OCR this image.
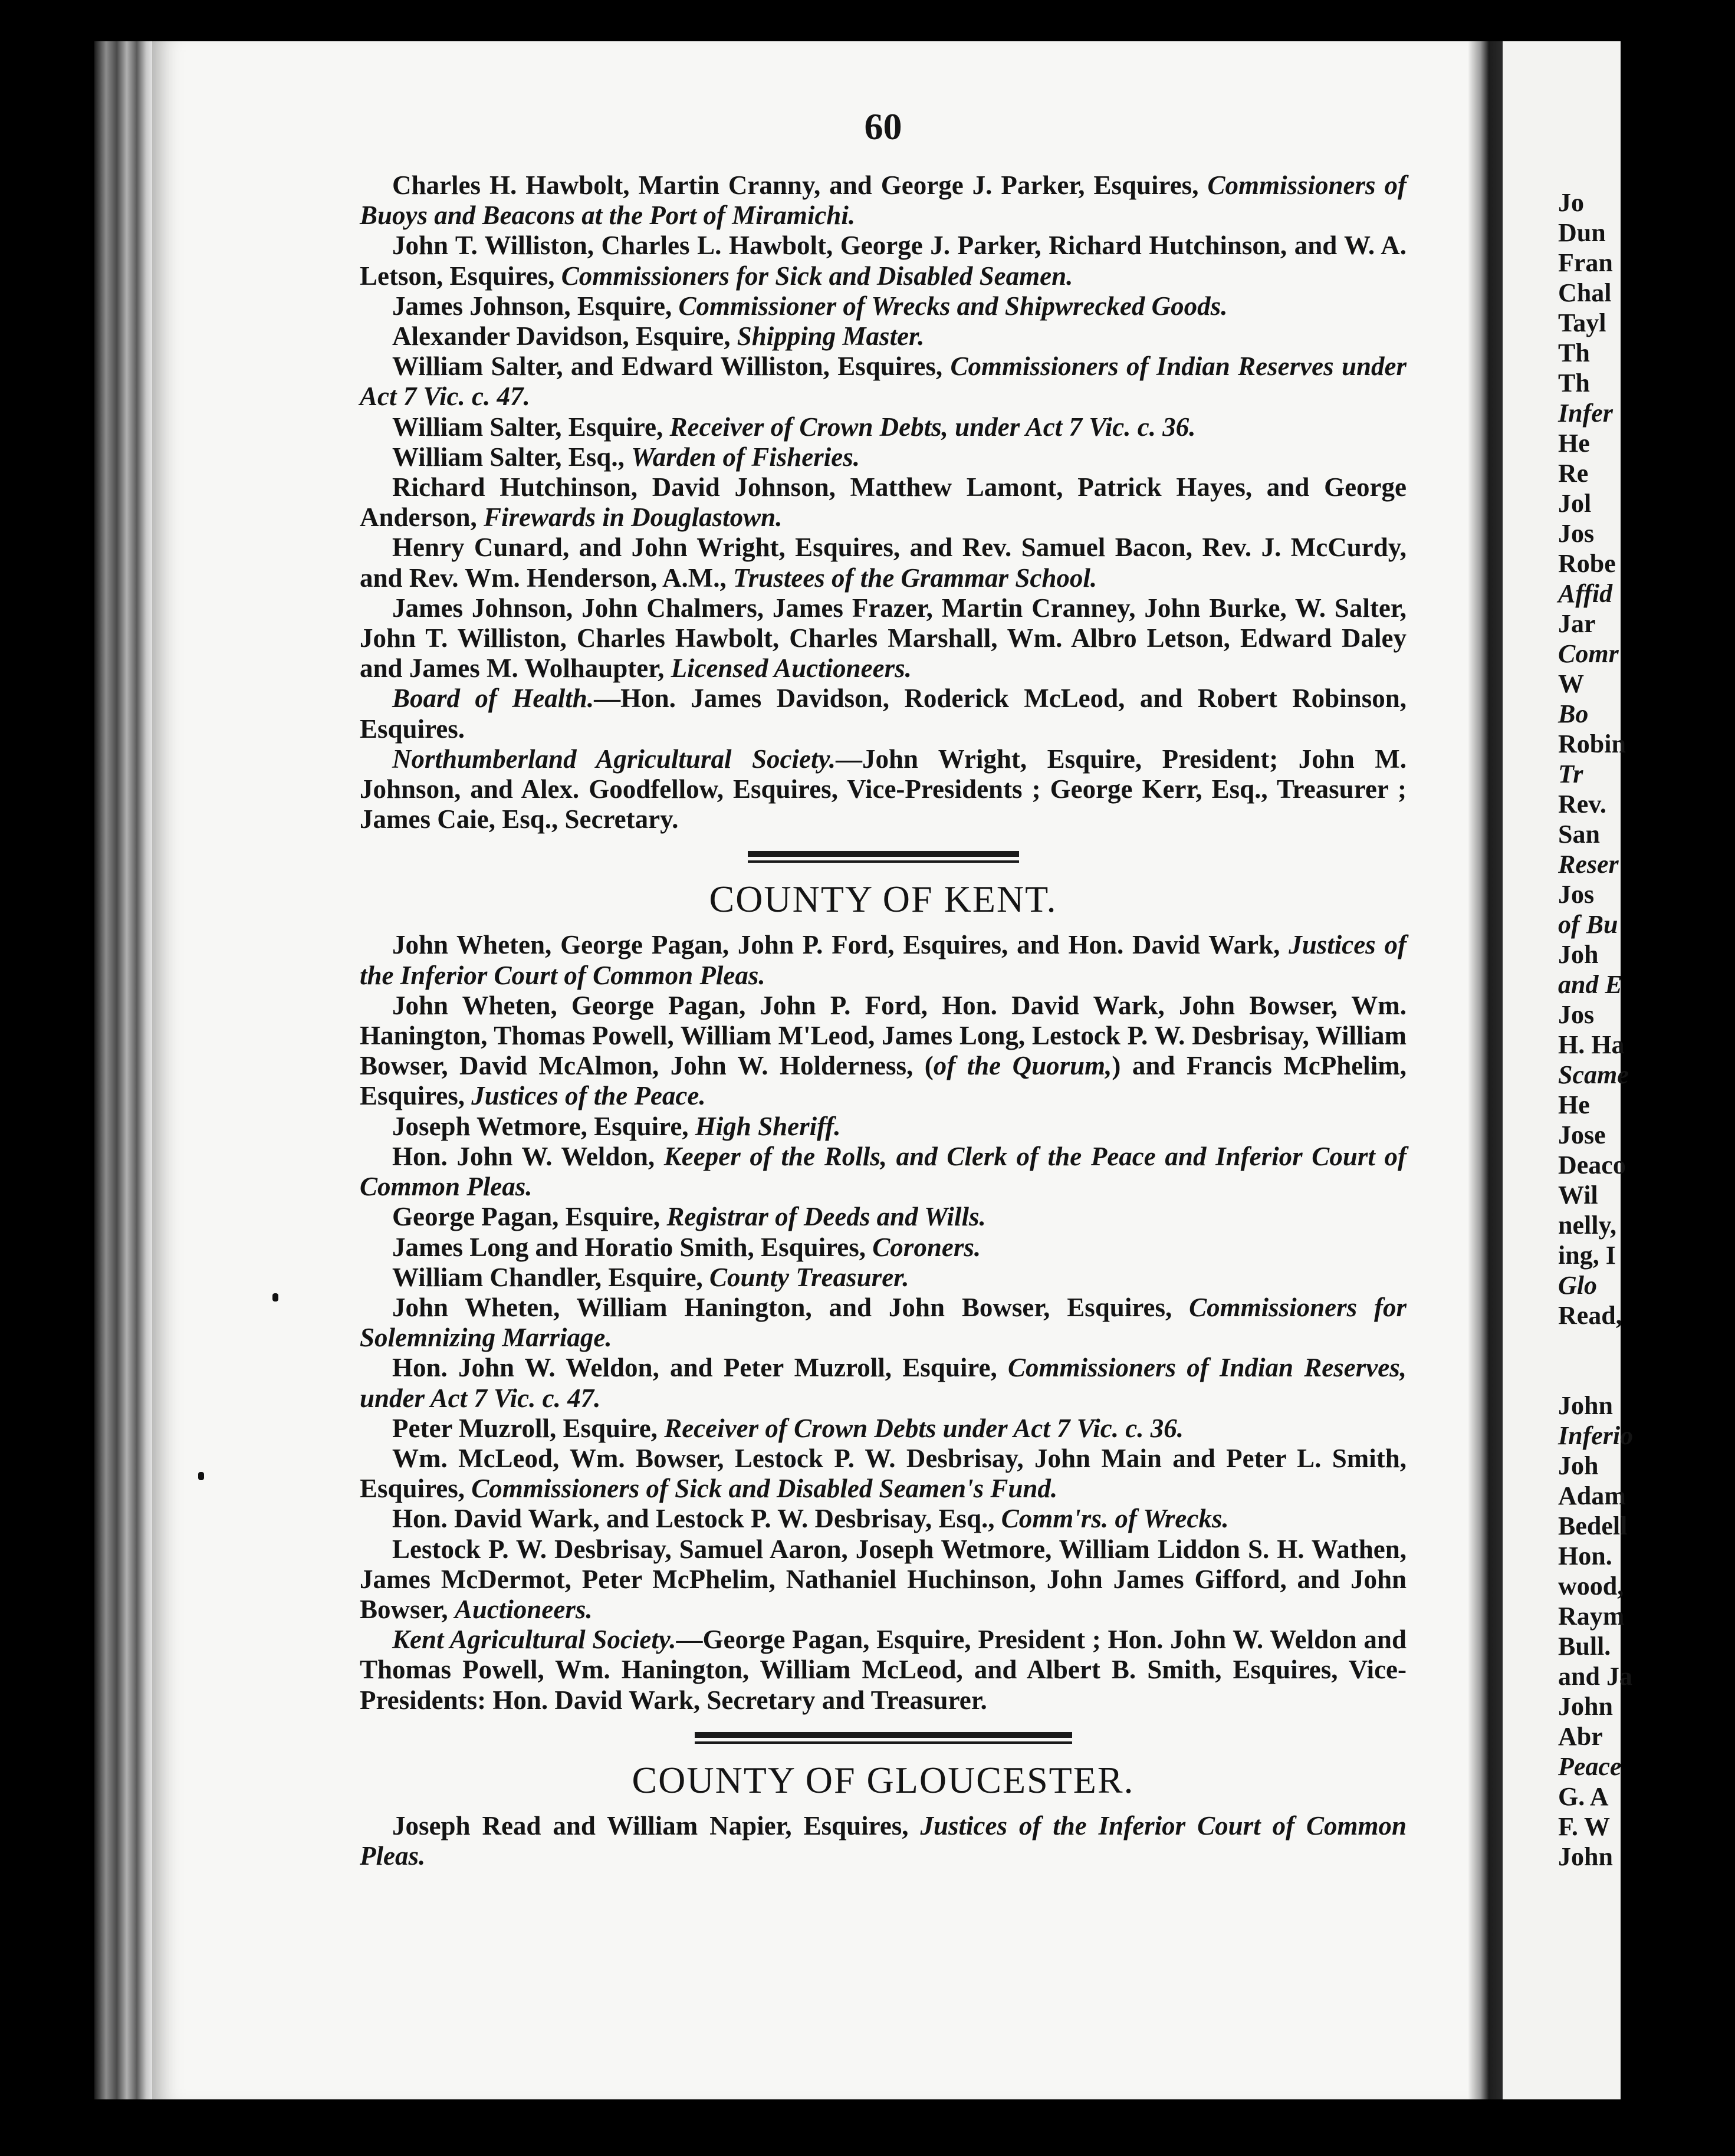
Jo
Dun
Fran
Chal
Tayl
Th
Th
Infer
He
Re
Jol
Jos
Robe
Affid
Jar
Comr
W
Bo
Robin
Tr
Rev.
San
Reser
Jos
of Bu
Joh
and E
Jos
H. Ha
Scame
He
Jose
Deaco
Wil
nelly,
ing, I
Glo
Read,
John
Inferio
Joh
Adam
Bedell
Hon.
wood,
Raym
Bull.
and Ja
John
Abr
Peace
G. A
F. W
John
60

Charles H. Hawbolt, Martin Cranny, and George J. Parker, Esquires, Commissioners of Buoys and Beacons at the Port of Miramichi.

John T. Williston, Charles L. Hawbolt, George J. Parker, Richard Hutchinson, and W. A. Letson, Esquires, Commissioners for Sick and Disabled Seamen.

James Johnson, Esquire, Commissioner of Wrecks and Shipwrecked Goods.

Alexander Davidson, Esquire, Shipping Master.

William Salter, and Edward Williston, Esquires, Commissioners of Indian Reserves under Act 7 Vic. c. 47.

William Salter, Esquire, Receiver of Crown Debts, under Act 7 Vic. c. 36.

William Salter, Esq., Warden of Fisheries.

Richard Hutchinson, David Johnson, Matthew Lamont, Patrick Hayes, and George Anderson, Firewards in Douglastown.

Henry Cunard, and John Wright, Esquires, and Rev. Samuel Bacon, Rev. J. McCurdy, and Rev. Wm. Henderson, A.M., Trustees of the Grammar School.

James Johnson, John Chalmers, James Frazer, Martin Cranney, John Burke, W. Salter, John T. Williston, Charles Hawbolt, Charles Marshall, Wm. Albro Letson, Edward Daley and James M. Wolhaupter, Licensed Auctioneers.

Board of Health.—Hon. James Davidson, Roderick McLeod, and Robert Robinson, Esquires.

Northumberland Agricultural Society.—John Wright, Esquire, President; John M. Johnson, and Alex. Goodfellow, Esquires, Vice-Presidents ; George Kerr, Esq., Treasurer ; James Caie, Esq., Secretary.

COUNTY OF KENT.

John Wheten, George Pagan, John P. Ford, Esquires, and Hon. David Wark, Justices of the Inferior Court of Common Pleas.

John Wheten, George Pagan, John P. Ford, Hon. David Wark, John Bowser, Wm. Hanington, Thomas Powell, William M'Leod, James Long, Lestock P. W. Desbrisay, William Bowser, David McAlmon, John W. Holderness, (of the Quorum,) and Francis McPhelim, Esquires, Justices of the Peace.

Joseph Wetmore, Esquire, High Sheriff.

Hon. John W. Weldon, Keeper of the Rolls, and Clerk of the Peace and Inferior Court of Common Pleas.

George Pagan, Esquire, Registrar of Deeds and Wills.

James Long and Horatio Smith, Esquires, Coroners.

William Chandler, Esquire, County Treasurer.

John Wheten, William Hanington, and John Bowser, Esquires, Commissioners for Solemnizing Marriage.

Hon. John W. Weldon, and Peter Muzroll, Esquire, Commissioners of Indian Reserves, under Act 7 Vic. c. 47.

Peter Muzroll, Esquire, Receiver of Crown Debts under Act 7 Vic. c. 36.

Wm. McLeod, Wm. Bowser, Lestock P. W. Desbrisay, John Main and Peter L. Smith, Esquires, Commissioners of Sick and Disabled Seamen's Fund.

Hon. David Wark, and Lestock P. W. Desbrisay, Esq., Comm'rs. of Wrecks.

Lestock P. W. Desbrisay, Samuel Aaron, Joseph Wetmore, William Liddon S. H. Wathen, James McDermot, Peter McPhelim, Nathaniel Huchinson, John James Gifford, and John Bowser, Auctioneers.

Kent Agricultural Society.—George Pagan, Esquire, President ; Hon. John W. Weldon and Thomas Powell, Wm. Hanington, William McLeod, and Albert B. Smith, Esquires, Vice-Presidents: Hon. David Wark, Secretary and Treasurer.

COUNTY OF GLOUCESTER.

Joseph Read and William Napier, Esquires, Justices of the Inferior Court of Common Pleas.
